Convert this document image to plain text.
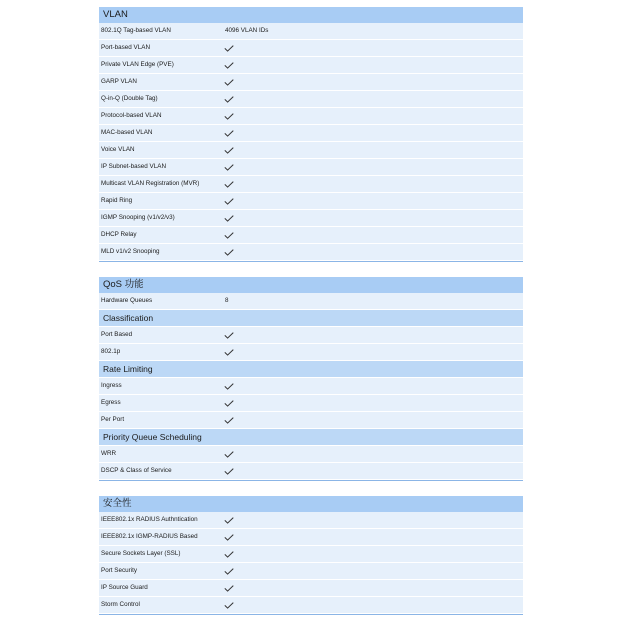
VLAN
802.1Q Tag-based VLAN	4096 VLAN IDs
Port-based VLAN
Private VLAN Edge (PVE)
GARP VLAN
Q-in-Q (Double Tag)
Protocol-based VLAN
MAC-based VLAN
Voice VLAN
IP Subnet-based VLAN
Multicast VLAN Registration (MVR)
Rapid Ring
IGMP Snooping (v1/v2/v3)
DHCP Relay
MLD v1/v2 Snooping
QoS 功能
Hardware Queues	8
Classification
Port Based
802.1p
Rate Limiting
Ingress
Egress
Per Port
Priority Queue Scheduling
WRR
DSCP & Class of Service
安全性
IEEE802.1x RADIUS Authntication
IEEE802.1x IGMP-RADIUS Based
Secure Sockets Layer (SSL)
Port Security
IP Source Guard
Storm Control
